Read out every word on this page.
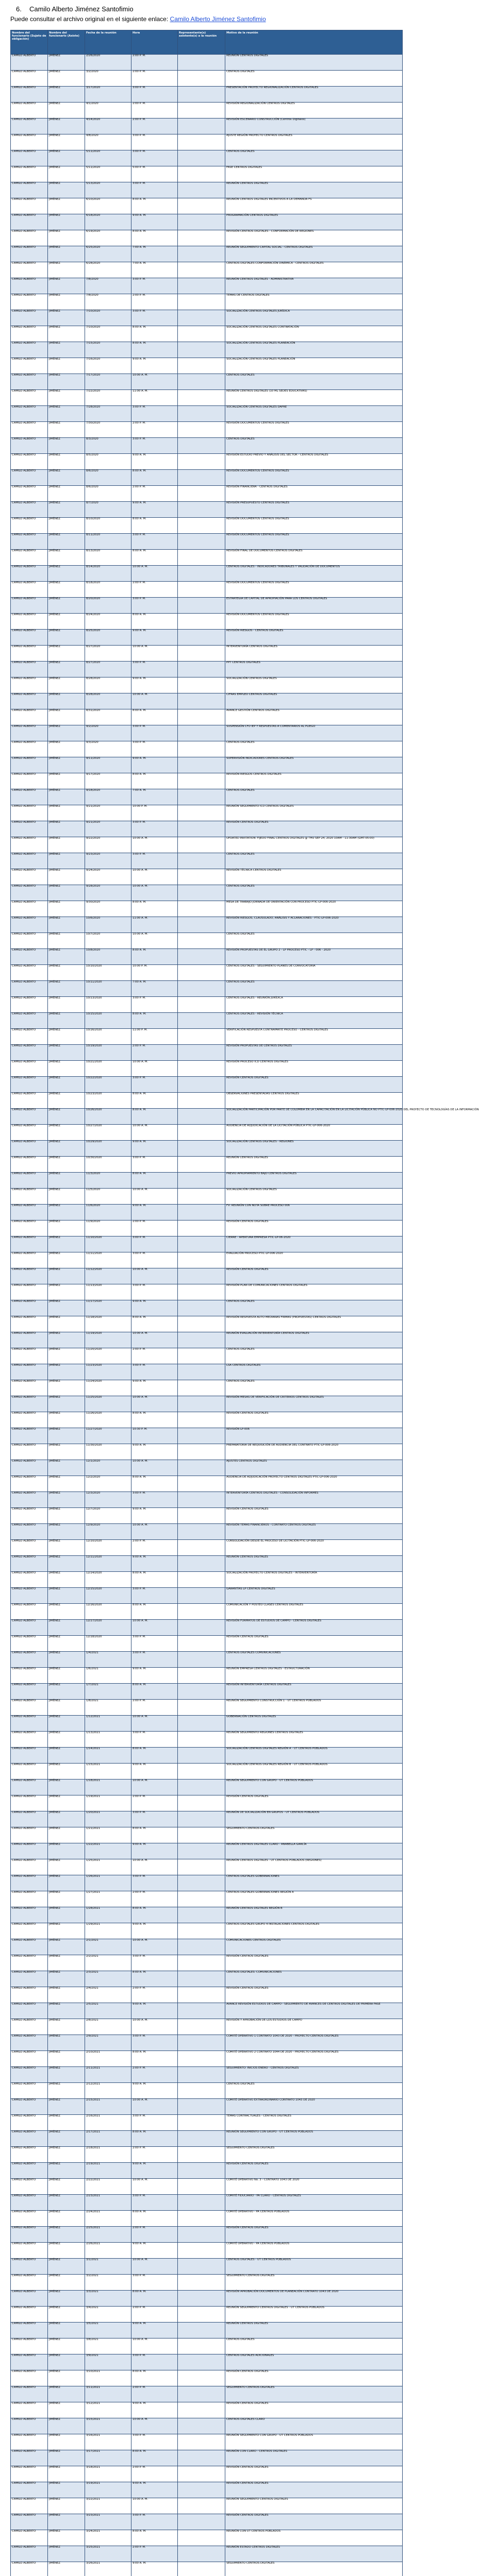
6. Camilo Alberto Jiménez Santofimio
Puede consultar el archivo original en el siguiente enlace: Camilo Alberto Jiménez Santofimio
Nombre del funcionario (Sujeto de obligación)	Nombre del funcionario (Asiste)	Fecha de la reunión	Hora	Representante(s) asistente(s) a la reunión	Motivo de la reunión
CAMILO ALBERTO	JIMÉNEZ	2/26/2020	2:00 P. M.		REUNIÓN CENTROS DIGITALES
CAMILO ALBERTO	JIMÉNEZ	3/2/2020	2:00 P. M.		CENTROS DIGITALES
CAMILO ALBERTO	JIMÉNEZ	3/17/2020	3:00 P. M.		PRESENTACIÓN PROYECTO REGIONALIZACIÓN CENTROS DIGITALES
CAMILO ALBERTO	JIMÉNEZ	4/1/2020	2:00 P. M.		REVISIÓN REGIONALIZACIÓN CENTROS DIGITALES
CAMILO ALBERTO	JIMÉNEZ	4/14/2020	2:00 P. M.		REVISIÓN ESCENARIO CONSTRUCCIÓN (Centros Digitales)
CAMILO ALBERTO	JIMÉNEZ	4/8/2020	3:00 P. M.		AJUSTE REGIÓN PROYECTO CENTROS DIGITALES
CAMILO ALBERTO	JIMÉNEZ	5/11/2020	3:00 P. M.		CENTROS DIGITALES
CAMILO ALBERTO	JIMÉNEZ	5/11/2020	5:00 P. M.		FASE CENTROS DIGITALES
CAMILO ALBERTO	JIMÉNEZ	5/13/2020	3:00 P. M.		REUNIÓN CENTROS DIGITALES
CAMILO ALBERTO	JIMÉNEZ	6/10/2020	8:00 A. M.		REUNIÓN CENTROS DIGITALES INCENTIVOS A LA DEMANDA FS
CAMILO ALBERTO	JIMÉNEZ	6/18/2020	9:00 A. M.		PROGRAMACIÓN CENTROS DIGITALES
CAMILO ALBERTO	JIMÉNEZ	6/19/2020	8:00 A. M.		REVISIÓN CENTROS DIGITALES - CONFORMACIÓN DE REGIONES
CAMILO ALBERTO	JIMÉNEZ	6/25/2020	7:00 A. M.		REUNIÓN SEGUIMIENTO CAPITAL SOCIAL - CENTROS DIGITALES
CAMILO ALBERTO	JIMÉNEZ	6/28/2020	7:00 A. M.		CENTROS DIGITALES CONFORMACIÓN DINÁMICA - CENTROS DIGITALES
CAMILO ALBERTO	JIMÉNEZ	7/8/2020	3:00 P. M.		REUNIÓN CENTROS DIGITALES - ADMINISTRATIVA
CAMILO ALBERTO	JIMÉNEZ	7/8/2020	2:00 P. M.		TEMAS DE CENTROS DIGITALES
CAMILO ALBERTO	JIMÉNEZ	7/10/2020	3:00 P. M.		SOCIALIZACIÓN CENTROS DIGITALES JURÍDICA
CAMILO ALBERTO	JIMÉNEZ	7/10/2020	8:00 A. M.		SOCIALIZACIÓN CENTROS DIGITALES CONTRATACIÓN
CAMILO ALBERTO	JIMÉNEZ	7/15/2020	8:00 A. M.		SOCIALIZACIÓN CENTROS DIGITALES PLANEACIÓN
CAMILO ALBERTO	JIMÉNEZ	7/16/2020	9:00 A. M.		SOCIALIZACIÓN CENTROS DIGITALES PLANEACIÓN
CAMILO ALBERTO	JIMÉNEZ	7/17/2020	10:00 A. M.		CENTROS DIGITALES
CAMILO ALBERTO	JIMÉNEZ	7/22/2020	11:00 A. M.		REUNIÓN CENTROS DIGITALES (10 ML SEDES EDUCATIVAS)
CAMILO ALBERTO	JIMÉNEZ	7/28/2020	3:00 P. M.		SOCIALIZACIÓN CENTROS DIGITALES DAPRE
CAMILO ALBERTO	JIMÉNEZ	7/30/2020	2:00 P. M.		REVISIÓN DOCUMENTOS CENTROS DIGITALES
CAMILO ALBERTO	JIMÉNEZ	8/3/2020	3:00 P. M.		CENTROS DIGITALES
CAMILO ALBERTO	JIMÉNEZ	8/5/2020	9:00 A. M.		REVISIÓN ESTUDIO PREVIO Y ANÁLISIS DEL SECTOR - CENTROS DIGITALES
CAMILO ALBERTO	JIMÉNEZ	8/6/2020	8:00 A. M.		REVISIÓN DOCUMENTOS CENTROS DIGITALES
CAMILO ALBERTO	JIMÉNEZ	8/6/2020	2:00 P. M.		REVISIÓN FINANCIERA - CENTROS DIGITALES
CAMILO ALBERTO	JIMÉNEZ	8/7/2020	9:00 A. M.		REVISIÓN PRESUPUESTO CENTROS DIGITALES
CAMILO ALBERTO	JIMÉNEZ	8/10/2020	8:00 A. M.		REVISIÓN DOCUMENTOS CENTROS DIGITALES
CAMILO ALBERTO	JIMÉNEZ	8/11/2020	3:00 P. M.		REVISIÓN DOCUMENTOS CENTROS DIGITALES
CAMILO ALBERTO	JIMÉNEZ	8/13/2020	8:00 A. M.		REVISIÓN FINAL DE DOCUMENTOS CENTROS DIGITALES
CAMILO ALBERTO	JIMÉNEZ	8/14/2020	10:00 A. M.		CENTROS DIGITALES - INDICADORES TRIBUNALES Y VALIDACIÓN DE DOCUMENTOS
CAMILO ALBERTO	JIMÉNEZ	8/18/2020	2:00 P. M.		REVISIÓN DOCUMENTOS CENTROS DIGITALES
CAMILO ALBERTO	JIMÉNEZ	8/20/2020	3:00 P. M.		ESTRATEGIA DE CAPITAL DE APROPIACIÓN PARA LOS CENTROS DIGITALES
CAMILO ALBERTO	JIMÉNEZ	8/24/2020	8:00 A. M.		REVISIÓN DOCUMENTOS CENTROS DIGITALES
CAMILO ALBERTO	JIMÉNEZ	8/25/2020	9:00 A. M.		REVISIÓN RIESGOS - CENTROS DIGITALES
CAMILO ALBERTO	JIMÉNEZ	8/27/2020	10:00 A. M.		INTERVENTORÍA CENTROS DIGITALES
CAMILO ALBERTO	JIMÉNEZ	8/27/2020	3:00 P. M.		PPT CENTROS DIGITALES
CAMILO ALBERTO	JIMÉNEZ	8/28/2020	9:00 A. M.		SOCIALIZACIÓN CENTROS DIGITALES
CAMILO ALBERTO	JIMÉNEZ	8/28/2020	10:00 A. M.		CIFRAS EMPLEO CENTROS DIGITALES
CAMILO ALBERTO	JIMÉNEZ	8/31/2020	8:00 A. M.		AVANCE GESTIÓN CENTROS DIGITALES
CAMILO ALBERTO	JIMÉNEZ	9/2/2020	3:00 P. M.		SUSPENSIÓN CFO IEP Y RESPUESTAS A COMENTARIOS AL PLIEGO
CAMILO ALBERTO	JIMÉNEZ	9/3/2020	3:00 P. M.		CENTROS DIGITALES
CAMILO ALBERTO	JIMÉNEZ	9/11/2020	9:00 A. M.		SUPERVISIÓN INDICADORES CENTROS DIGITALES
CAMILO ALBERTO	JIMÉNEZ	9/17/2020	8:00 A. M.		REVISIÓN RIESGOS CENTROS DIGITALES
CAMILO ALBERTO	JIMÉNEZ	9/18/2020	7:00 A. M.		CENTROS DIGITALES
CAMILO ALBERTO	JIMÉNEZ	9/21/2020	10:00 P. M.		REUNIÓN SEGUIMIENTO ICD CENTROS DIGITALES
CAMILO ALBERTO	JIMÉNEZ	9/21/2020	3:00 P. M.		REVISIÓN CENTROS DIGITALES
CAMILO ALBERTO	JIMÉNEZ	9/22/2020	10:00 A. M.		UPDATED INVITATION: FIJEDO FINAL CENTROS DIGITALES @ THU SEP 24, 2020 10AM - 11:30AM (GMT-05:00)
CAMILO ALBERTO	JIMÉNEZ	9/23/2020	3:00 P. M.		CENTROS DIGITALES
CAMILO ALBERTO	JIMÉNEZ	9/24/2020	10:00 A. M.		REVISIÓN TÉCNICA CENTROS DIGITALES
CAMILO ALBERTO	JIMÉNEZ	9/28/2020	10:00 A. M.		CENTROS DIGITALES
CAMILO ALBERTO	JIMÉNEZ	9/30/2020	8:00 A. M.		MESA DE TRABAJO JORNADA DE ORIENTACIÓN CON PROCESO PTIC-LP-006-2020
CAMILO ALBERTO	JIMÉNEZ	10/6/2020	11:00 A. M.		REVISIÓN RIESGOS, CLAUSULADO, ANÁLISIS Y ACLARACIONES - PTIC-LP-006-2020
CAMILO ALBERTO	JIMÉNEZ	10/7/2020	10:00 A. M.		CENTROS DIGITALES
CAMILO ALBERTO	JIMÉNEZ	10/8/2020	8:00 A. M.		REVISIÓN PROPUESTAS DE EL GRUPO 2 - LP PROCESO PTIC - LP - 006 - 2020
CAMILO ALBERTO	JIMÉNEZ	10/10/2020	10:00 P. M.		CENTROS DIGITALES - SEGUIMIENTO PLANES DE CONVOCATORIA
CAMILO ALBERTO	JIMÉNEZ	10/11/2020	7:00 A. M.		CENTROS DIGITALES
CAMILO ALBERTO	JIMÉNEZ	10/13/2020	3:00 P. M.		CENTROS DIGITALES - REUNIÓN JURÍDICA
CAMILO ALBERTO	JIMÉNEZ	10/15/2020	8:00 A. M.		CENTROS DIGITALES - REVISIÓN TÉCNICA
CAMILO ALBERTO	JIMÉNEZ	10/16/2020	11:00 P. M.		VERIFICACIÓN RESPUESTA CONTRAPARTE PROCESO - CENTROS DIGITALES
CAMILO ALBERTO	JIMÉNEZ	10/19/2020	2:00 P. M.		REVISIÓN PROPUESTAS DE CENTROS DIGITALES
CAMILO ALBERTO	JIMÉNEZ	10/21/2020	10:00 A. M.		REVISIÓN PROCESO ICD CENTROS DIGITALES
CAMILO ALBERTO	JIMÉNEZ	10/22/2020	3:00 P. M.		REVISIÓN CENTROS DIGITALES
CAMILO ALBERTO	JIMÉNEZ	10/23/2020	8:00 A. M.		OBSERVACIONES PRESENTADAS CENTROS DIGITALES
CAMILO ALBERTO	JIMÉNEZ	10/26/2020	8:00 A. M.		SOCIALIZACIÓN PARTICIPACIÓN POR PARTE DE COLOMBIA EN LA CAPACITACIÓN EN LA LICITACIÓN PÚBLICA NO PTIC-LP-006-2020 DEL PROYECTO DE TECNOLOGÍAS DE LA INFORMACIÓN
CAMILO ALBERTO	JIMÉNEZ	10/27/2020	10:00 A. M.		AUDIENCIA DE ADJUDICACIÓN DE LA LICITACIÓN PÚBLICA PTIC-LP-006-2020
CAMILO ALBERTO	JIMÉNEZ	10/29/2020	9:00 A. M.		SOCIALIZACIÓN CENTROS DIGITALES - REGIONES
CAMILO ALBERTO	JIMÉNEZ	10/30/2020	3:00 P. M.		REUNIÓN CENTROS DIGITALES
CAMILO ALBERTO	JIMÉNEZ	11/3/2020	8:00 A. M.		PREVIO APROPIAMIENTO BAJO CENTROS DIGITALES
CAMILO ALBERTO	JIMÉNEZ	11/5/2020	10:00 A. M.		SOCIALIZACIÓN CENTROS DIGITALES
CAMILO ALBERTO	JIMÉNEZ	11/6/2020	9:00 A. M.		FV: REUNIÓN CON NOTA SOBRE PROCESO 006
CAMILO ALBERTO	JIMÉNEZ	11/9/2020	2:00 P. M.		REVISIÓN CENTROS DIGITALES
CAMILO ALBERTO	JIMÉNEZ	11/10/2020	3:00 P. M.		CIERRE - APERTURA EMPRESA PTIC-LP-06-2020
CAMILO ALBERTO	JIMÉNEZ	11/11/2020	3:00 P. M.		EVALUACIÓN PROCESO PTIC-LP-006-2020
CAMILO ALBERTO	JIMÉNEZ	11/12/2020	10:00 A. M.		REVISIÓN CENTROS DIGITALES
CAMILO ALBERTO	JIMÉNEZ	11/13/2020	3:00 P. M.		REVISIÓN PLAN DE COMUNICACIONES CENTROS DIGITALES
CAMILO ALBERTO	JIMÉNEZ	11/17/2020	9:00 A. M.		CENTROS DIGITALES
CAMILO ALBERTO	JIMÉNEZ	11/18/2020	8:00 A. M.		REVISIÓN RESPUESTA AUTO MEDIANAS FIRMAS (PROPUESTAS) CENTROS DIGITALES
CAMILO ALBERTO	JIMÉNEZ	11/19/2020	10:00 A. M.		REUNIÓN EVALUACIÓN INTERVENTORÍA CENTROS DIGITALES
CAMILO ALBERTO	JIMÉNEZ	11/20/2020	2:00 P. M.		CENTROS DIGITALES
CAMILO ALBERTO	JIMÉNEZ	11/23/2020	3:00 P. M.		LSA CENTROS DIGITALES
CAMILO ALBERTO	JIMÉNEZ	11/24/2020	9:00 A. M.		CENTROS DIGITALES
CAMILO ALBERTO	JIMÉNEZ	11/25/2020	10:00 A. M.		REVISIÓN MESAS DE VERIFICACIÓN DE CRITERIOS CENTROS DIGITALES
CAMILO ALBERTO	JIMÉNEZ	11/26/2020	8:00 A. M.		REVISIÓN CENTROS DIGITALES
CAMILO ALBERTO	JIMÉNEZ	11/27/2020	10:30 P. M.		REVISIÓN LP-006
CAMILO ALBERTO	JIMÉNEZ	11/30/2020	9:00 A. M.		PREPARATORIA DE REQUISICIÓN DE AUDIENCIA DEL CONTRATO PTIC-LP-006-2020
CAMILO ALBERTO	JIMÉNEZ	12/1/2020	10:00 A. M.		AJUSTES CENTROS DIGITALES
CAMILO ALBERTO	JIMÉNEZ	12/2/2020	8:00 A. M.		AUDIENCIA DE ADJUDICACIÓN PROYECTO CENTROS DIGITALES PTIC-LP-006-2020
CAMILO ALBERTO	JIMÉNEZ	12/3/2020	3:00 P. M.		INTERVENTORÍA CENTROS DIGITALES - CONSOLIDACIÓN INFORMES
CAMILO ALBERTO	JIMÉNEZ	12/7/2020	9:00 A. M.		REVISIÓN CENTROS DIGITALES
CAMILO ALBERTO	JIMÉNEZ	12/9/2020	10:00 A. M.		REVISIÓN TEMAS FINANCIEROS - CONTRATO CENTROS DIGITALES
CAMILO ALBERTO	JIMÉNEZ	12/10/2020	2:00 P. M.		CONSOLIDACIÓN DESDE EL PROCESO DE LICITACIÓN PTIC-LP-006-2020
CAMILO ALBERTO	JIMÉNEZ	12/11/2020	9:00 A. M.		REUNIÓN CENTROS DIGITALES
CAMILO ALBERTO	JIMÉNEZ	12/14/2020	8:00 A. M.		SOCIALIZACIÓN PROYECTO CENTROS DIGITALES - INTERVENTORÍA
CAMILO ALBERTO	JIMÉNEZ	12/15/2020	3:00 P. M.		GARANTÍAS LP CENTROS DIGITALES
CAMILO ALBERTO	JIMÉNEZ	12/16/2020	8:00 A. M.		COMUNICACIÓN Y POSTEO CLASES CENTROS DIGITALES
CAMILO ALBERTO	JIMÉNEZ	12/17/2020	10:00 A. M.		REVISIÓN FORMATOS DE ESTUDIOS DE CAMPO - CENTROS DIGITALES
CAMILO ALBERTO	JIMÉNEZ	12/18/2020	3:00 P. M.		REVISIÓN CENTROS DIGITALES
CAMILO ALBERTO	JIMÉNEZ	1/4/2021	3:00 P. M.		CENTROS DIGITALES COMUNICACIONES
CAMILO ALBERTO	JIMÉNEZ	1/6/2021	9:00 A. M.		REUNIÓN EMPRESA CENTROS DIGITALES - ESTRUCTURACIÓN
CAMILO ALBERTO	JIMÉNEZ	1/7/2021	8:00 A. M.		REVISIÓN INTERVENTORÍA CENTROS DIGITALES
CAMILO ALBERTO	JIMÉNEZ	1/8/2021	2:00 P. M.		REUNIÓN SEGUIMIENTO CONSTRUCCIÓN 1 - UT CENTROS POBLADOS
CAMILO ALBERTO	JIMÉNEZ	1/12/2021	10:00 A. M.		GOBERNACIÓN CENTROS DIGITALES
CAMILO ALBERTO	JIMÉNEZ	1/13/2021	3:00 P. M.		REUNIÓN SEGUIMIENTO REGIONES CENTROS DIGITALES
CAMILO ALBERTO	JIMÉNEZ	1/14/2021	8:00 A. M.		SOCIALIZACIÓN CENTROS DIGITALES REGIÓN A - UT CENTROS POBLADOS
CAMILO ALBERTO	JIMÉNEZ	1/15/2021	9:00 A. M.		SOCIALIZACIÓN CENTROS DIGITALES REGIÓN B - UT CENTROS POBLADOS
CAMILO ALBERTO	JIMÉNEZ	1/18/2021	10:00 A. M.		REUNIÓN SEGUIMIENTO CON GRUPO - UT CENTROS POBLADOS
CAMILO ALBERTO	JIMÉNEZ	1/19/2021	2:00 P. M.		REVISIÓN CENTROS DIGITALES
CAMILO ALBERTO	JIMÉNEZ	1/20/2021	3:00 P. M.		REUNIÓN DE SOCIALIZACIÓN EN GRUPOS - UT CENTROS POBLADOS
CAMILO ALBERTO	JIMÉNEZ	1/21/2021	8:00 A. M.		SEGUIMIENTO CENTROS DIGITALES
CAMILO ALBERTO	JIMÉNEZ	1/22/2021	9:00 A. M.		REUNIÓN CENTROS DIGITALES CLARO - ANABELLA GARCÍA
CAMILO ALBERTO	JIMÉNEZ	1/25/2021	10:00 A. M.		REUNIÓN CENTROS DIGITALES - UT CENTROS POBLADOS (REGIONES)
CAMILO ALBERTO	JIMÉNEZ	1/26/2021	3:00 P. M.		CENTROS DIGITALES GOBERNACIONES
CAMILO ALBERTO	JIMÉNEZ	1/27/2021	2:00 P. M.		CENTROS DIGITALES GOBERNACIONES REGIÓN A
CAMILO ALBERTO	JIMÉNEZ	1/28/2021	8:00 A. M.		REUNIÓN CENTROS DIGITALES REGIÓN B
CAMILO ALBERTO	JIMÉNEZ	1/29/2021	9:00 A. M.		CENTROS DIGITALES GRUPO 4 INSTALACIONES CENTROS DIGITALES
CAMILO ALBERTO	JIMÉNEZ	2/1/2021	10:00 A. M.		COMUNICACIONES CENTROS DIGITALES
CAMILO ALBERTO	JIMÉNEZ	2/2/2021	3:00 P. M.		REVISIÓN CENTROS DIGITALES
CAMILO ALBERTO	JIMÉNEZ	2/3/2021	8:00 A. M.		CENTROS DIGITALES: COMUNICACIONES
CAMILO ALBERTO	JIMÉNEZ	2/4/2021	2:00 P. M.		REVISIÓN CENTROS DIGITALES
CAMILO ALBERTO	JIMÉNEZ	2/5/2021	9:00 A. M.		AVANCE REVISIÓN ESTUDIOS DE CAMPO - SEGUIMIENTO DE AVANCES DE CENTROS DIGITALES DE PRIMERA FASE
CAMILO ALBERTO	JIMÉNEZ	2/8/2021	10:00 A. M.		REVISIÓN Y APROBACIÓN DE LOS ESTUDIOS DE CAMPO
CAMILO ALBERTO	JIMÉNEZ	2/9/2021	3:00 P. M.		COMITÉ OPERATIVO 1 CONTRATO 1043 DE 2020 - PROYECTO CENTROS DIGITALES
CAMILO ALBERTO	JIMÉNEZ	2/10/2021	8:00 A. M.		COMITÉ OPERATIVO 2 CONTRATO 1044 DE 2020 - PROYECTO CENTROS DIGITALES
CAMILO ALBERTO	JIMÉNEZ	2/11/2021	2:00 P. M.		SEGUIMIENTO: INICIOS ENERO - CENTROS DIGITALES
CAMILO ALBERTO	JIMÉNEZ	2/12/2021	9:00 A. M.		CENTROS DIGITALES
CAMILO ALBERTO	JIMÉNEZ	2/15/2021	10:00 A. M.		COMITÉ OPERATIVO EXTRAORDINARIO CONTRATO 1043 DE 2020
CAMILO ALBERTO	JIMÉNEZ	2/16/2021	3:00 P. M.		TEMAS CONTRACTUALES - CENTROS DIGITALES
CAMILO ALBERTO	JIMÉNEZ	2/17/2021	8:00 A. M.		REUNIÓN SEGUIMIENTO CON GRUPO - UT CENTROS POBLADOS
CAMILO ALBERTO	JIMÉNEZ	2/18/2021	2:00 P. M.		SEGUIMIENTO CENTROS DIGITALES
CAMILO ALBERTO	JIMÉNEZ	2/19/2021	9:00 A. M.		REVISIÓN CENTROS DIGITALES
CAMILO ALBERTO	JIMÉNEZ	2/22/2021	10:00 A. M.		COMITÉ OPERATIVO No. 3 - CONTRATO 1043 DE 2020
CAMILO ALBERTO	JIMÉNEZ	2/23/2021	3:00 P. M.		COMITÉ FIDUCIARIO - PA CLARO - CENTROS DIGITALES
CAMILO ALBERTO	JIMÉNEZ	2/24/2021	8:00 A. M.		COMITÉ OPERATIVO - PA CENTROS POBLADOS
CAMILO ALBERTO	JIMÉNEZ	2/25/2021	2:00 P. M.		REVISIÓN CENTROS DIGITALES
CAMILO ALBERTO	JIMÉNEZ	2/26/2021	9:00 A. M.		COMITÉ OPERATIVO - PA CENTROS POBLADOS
CAMILO ALBERTO	JIMÉNEZ	3/1/2021	10:00 A. M.		CENTROS DIGITALES - UT CENTROS POBLADOS
CAMILO ALBERTO	JIMÉNEZ	3/2/2021	3:00 P. M.		SEGUIMIENTO CENTROS DIGITALES
CAMILO ALBERTO	JIMÉNEZ	3/3/2021	8:00 A. M.		REVISIÓN APROBACIÓN DOCUMENTOS DE PLANEACIÓN CONTRATO 1043 DE 2020
CAMILO ALBERTO	JIMÉNEZ	3/4/2021	2:00 P. M.		REUNIÓN SEGUIMIENTO CENTROS DIGITALES - UT CENTROS POBLADOS
CAMILO ALBERTO	JIMÉNEZ	3/5/2021	9:00 A. M.		REUNIÓN CENTROS DIGITALES
CAMILO ALBERTO	JIMÉNEZ	3/8/2021	10:00 A. M.		CENTROS DIGITALES
CAMILO ALBERTO	JIMÉNEZ	3/9/2021	3:00 P. M.		CENTROS DIGITALES ADICIONALES
CAMILO ALBERTO	JIMÉNEZ	3/10/2021	8:00 A. M.		REVISIÓN CENTROS DIGITALES
CAMILO ALBERTO	JIMÉNEZ	3/11/2021	2:00 P. M.		SEGUIMIENTO CENTROS DIGITALES
CAMILO ALBERTO	JIMÉNEZ	3/12/2021	9:00 A. M.		REVISIÓN CENTROS DIGITALES
CAMILO ALBERTO	JIMÉNEZ	3/15/2021	10:00 A. M.		CENTROS DIGITALES CLARO
CAMILO ALBERTO	JIMÉNEZ	3/16/2021	3:00 P. M.		REUNIÓN SEGUIMIENTO CON GRUPO - UT CENTROS POBLADOS
CAMILO ALBERTO	JIMÉNEZ	3/17/2021	8:00 A. M.		REUNIÓN CON CLARO - CENTROS DIGITALES
CAMILO ALBERTO	JIMÉNEZ	3/18/2021	2:00 P. M.		REVISIÓN CENTROS DIGITALES
CAMILO ALBERTO	JIMÉNEZ	3/19/2021	9:00 A. M.		REVISIÓN CENTROS DIGITALES
CAMILO ALBERTO	JIMÉNEZ	3/22/2021	10:00 A. M.		REUNIÓN SEGUIMIENTO CENTROS DIGITALES
CAMILO ALBERTO	JIMÉNEZ	3/23/2021	3:00 P. M.		REVISIÓN CENTROS DIGITALES
CAMILO ALBERTO	JIMÉNEZ	3/24/2021	8:00 A. M.		REUNIÓN CON UT CENTROS POBLADOS
CAMILO ALBERTO	JIMÉNEZ	3/25/2021	2:00 P. M.		REUNIÓN ESTADO CENTROS DIGITALES
CAMILO ALBERTO	JIMÉNEZ	3/26/2021	9:00 A. M.		SEGUIMIENTO CENTROS DIGITALES
